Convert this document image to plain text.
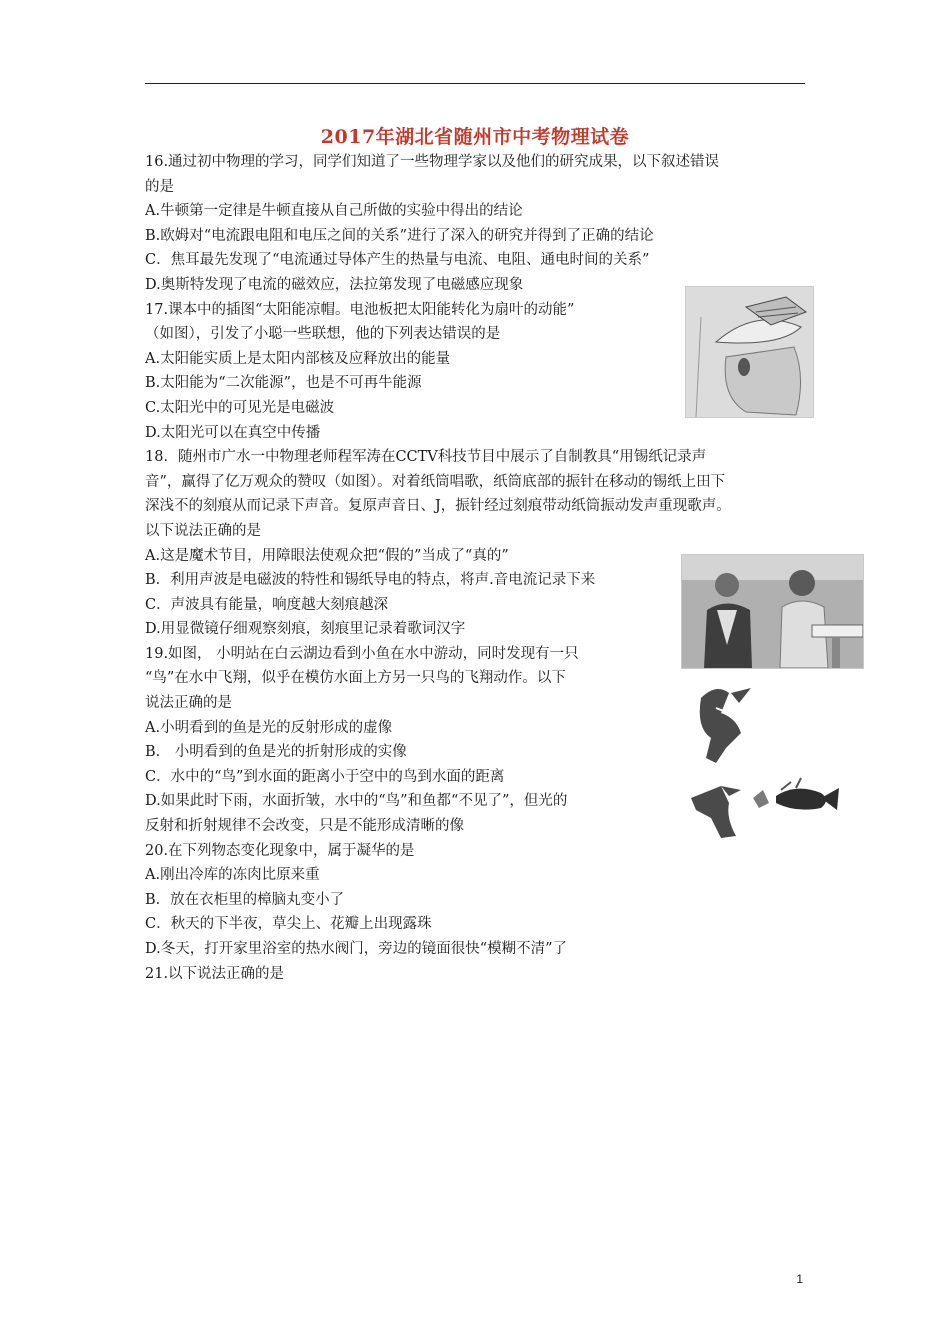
2017年湖北省随州市中考物理试卷
16.通过初中物理的学习，同学们知道了一些物理学家以及他们的研究成果，以下叙述错误
的是
A.牛顿第一定律是牛顿直接从自己所做的实验中得出的结论
B.欧姆对“电流跟电阻和电压之间的关系”进行了深入的研究并得到了正确的结论
C．焦耳最先发现了“电流通过导体产生的热量与电流、电阻、通电时间的关系”
D.奥斯特发现了电流的磁效应，法拉第发现了电磁感应现象
17.课本中的插图“太阳能凉帽。电池板把太阳能转化为扇叶的动能”
（如图），引发了小聪一些联想，他的下列表达错误的是
A.太阳能实质上是太阳内部核及应释放出的能量
B.太阳能为“二次能源”，也是不可再牛能源
C.太阳光中的可见光是电磁波
D.太阳光可以在真空中传播
18．随州市广水一中物理老师程军涛在CCTV科技节目中展示了自制教具“用锡纸记录声
音”，赢得了亿万观众的赞叹（如图）。对着纸筒唱歌，纸筒底部的振针在移动的锡纸上田下
深浅不的刻痕从而记录下声音。复原声音日、J，振针经过刻痕带动纸筒振动发声重现歌声。
以下说法正确的是
A.这是魔术节目，用障眼法使观众把“假的”当成了“真的”
B．利用声波是电磁波的特性和锡纸导电的特点，将声.音电流记录下来
C．声波具有能量，响度越大刻痕越深
D.用显微镜仔细观察刻痕，刻痕里记录着歌词汉字
19.如图， 小明站在白云湖边看到小鱼在水中游动，同时发现有一只
“鸟”在水中飞翔，似乎在模仿水面上方另一只鸟的飞翔动作。以下
说法正确的是
A.小明看到的鱼是光的反射形成的虚像
B． 小明看到的鱼是光的折射形成的实像
C．水中的“鸟”到水面的距离小于空中的鸟到水面的距离
D.如果此时下雨，水面折皱，水中的“鸟”和鱼都“不见了”，但光的
反射和折射规律不会改变，只是不能形成清晰的像
20.在下列物态变化现象中，属于凝华的是
A.刚出冷库的冻肉比原来重
B．放在衣柜里的樟脑丸变小了
C．秋天的下半夜，草尖上、花瓣上出现露珠
D.冬天，打开家里浴室的热水阀门，旁边的镜面很快“模糊不清”了
21.以下说法正确的是
1
